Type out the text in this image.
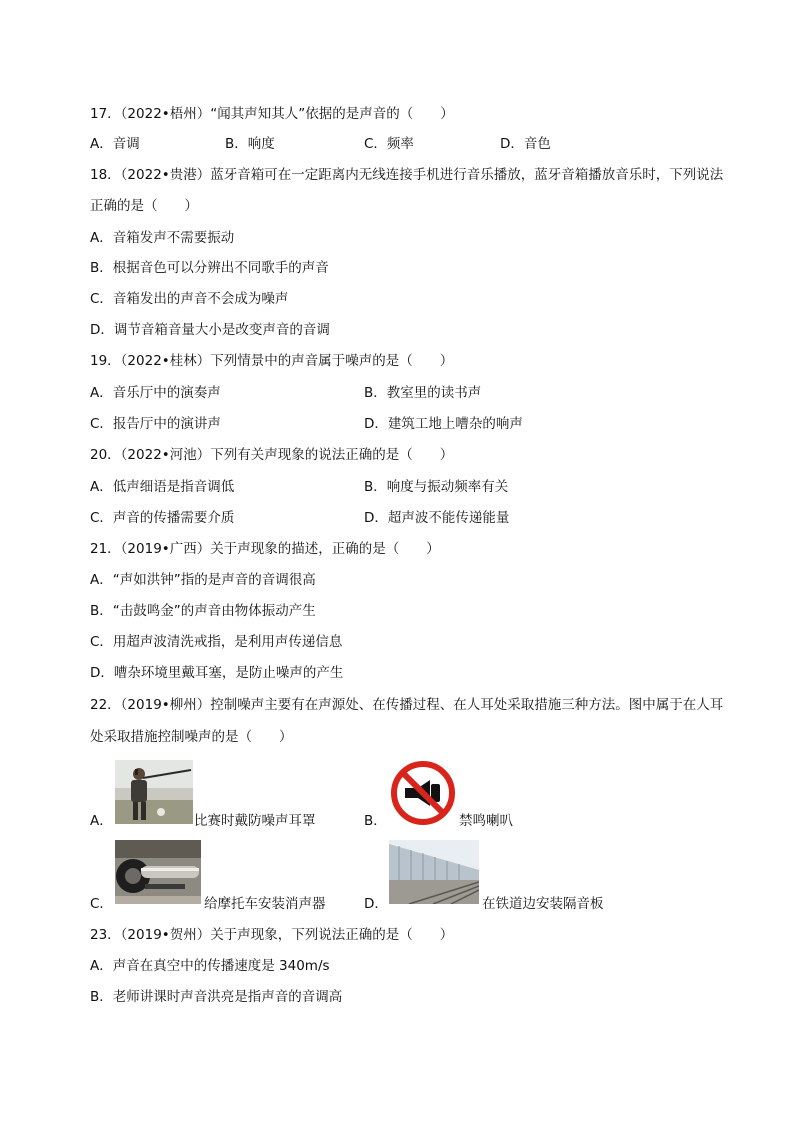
17．（2022•梧州）“闻其声知其人”依据的是声音的（　　）
A．音调	B．响度	C．频率	D．音色
18．（2022•贵港）蓝牙音箱可在一定距离内无线连接手机进行音乐播放，蓝牙音箱播放音乐时，下列说法
正确的是（　　）
A．音箱发声不需要振动
B．根据音色可以分辨出不同歌手的声音
C．音箱发出的声音不会成为噪声
D．调节音箱音量大小是改变声音的音调
19．（2022•桂林）下列情景中的声音属于噪声的是（　　）
A．音乐厅中的演奏声	B．教室里的读书声
C．报告厅中的演讲声	D．建筑工地上嘈杂的响声
20．（2022•河池）下列有关声现象的说法正确的是（　　）
A．低声细语是指音调低	B．响度与振动频率有关
C．声音的传播需要介质	D．超声波不能传递能量
21．（2019•广西）关于声现象的描述，正确的是（　　）
A．“声如洪钟”指的是声音的音调很高
B．“击鼓鸣金”的声音由物体振动产生
C．用超声波清洗戒指，是利用声传递信息
D．嘈杂环境里戴耳塞，是防止噪声的产生
22．（2019•柳州）控制噪声主要有在声源处、在传播过程、在人耳处采取措施三种方法。图中属于在人耳
处采取措施控制噪声的是（　　）
A．	比赛时戴防噪声耳罩	B．	禁鸣喇叭
C．	给摩托车安装消声器	D．	在铁道边安装隔音板
23．（2019•贺州）关于声现象，下列说法正确的是（　　）
A．声音在真空中的传播速度是 340m/s
B．老师讲课时声音洪亮是指声音的音调高
